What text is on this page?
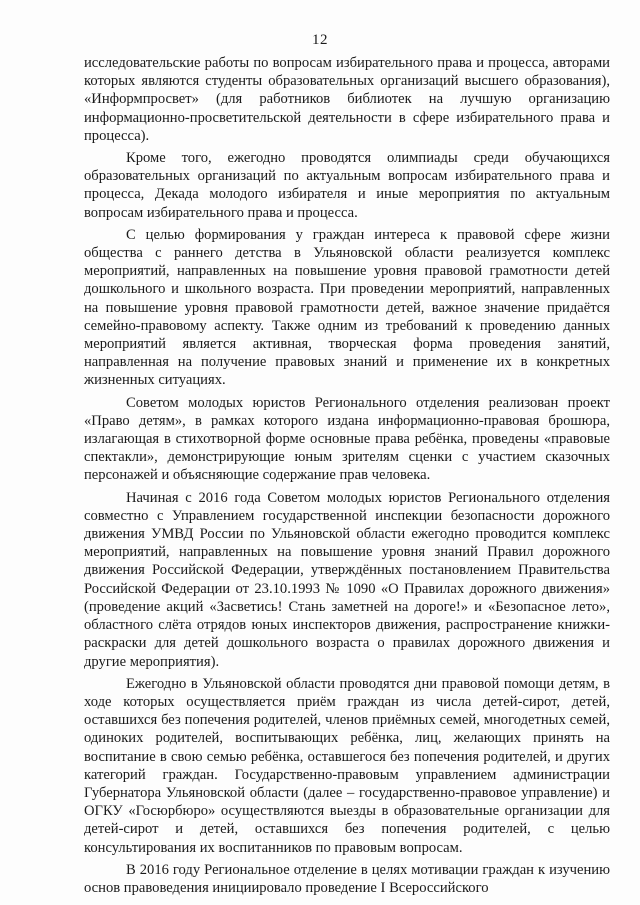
12

исследовательские работы по вопросам избирательного права и процесса, авторами которых являются студенты образовательных организаций высшего образования), «Информпросвет» (для работников библиотек на лучшую организацию информационно-просветительской деятельности в сфере избирательного права и процесса).

Кроме того, ежегодно проводятся олимпиады среди обучающихся образовательных организаций по актуальным вопросам избирательного права и процесса, Декада молодого избирателя и иные мероприятия по актуальным вопросам избирательного права и процесса.

С целью формирования у граждан интереса к правовой сфере жизни общества с раннего детства в Ульяновской области реализуется комплекс мероприятий, направленных на повышение уровня правовой грамотности детей дошкольного и школьного возраста. При проведении мероприятий, направленных на повышение уровня правовой грамотности детей, важное значение придаётся семейно-правовому аспекту. Также одним из требований к проведению данных мероприятий является активная, творческая форма проведения занятий, направленная на получение правовых знаний и применение их в конкретных жизненных ситуациях.

Советом молодых юристов Регионального отделения реализован проект «Право детям», в рамках которого издана информационно-правовая брошюра, излагающая в стихотворной форме основные права ребёнка, проведены «правовые спектакли», демонстрирующие юным зрителям сценки с участием сказочных персонажей и объясняющие содержание прав человека.

Начиная с 2016 года Советом молодых юристов Регионального отделения совместно с Управлением государственной инспекции безопасности дорожного движения УМВД России по Ульяновской области ежегодно проводится комплекс мероприятий, направленных на повышение уровня знаний Правил дорожного движения Российской Федерации, утверждённых постановлением Правительства Российской Федерации от 23.10.1993 № 1090 «О Правилах дорожного движения» (проведение акций «Засветись! Стань заметней на дороге!» и «Безопасное лето», областного слёта отрядов юных инспекторов движения, распространение книжки-раскраски для детей дошкольного возраста о правилах дорожного движения и другие мероприятия).

Ежегодно в Ульяновской области проводятся дни правовой помощи детям, в ходе которых осуществляется приём граждан из числа детей-сирот, детей, оставшихся без попечения родителей, членов приёмных семей, многодетных семей, одиноких родителей, воспитывающих ребёнка, лиц, желающих принять на воспитание в свою семью ребёнка, оставшегося без попечения родителей, и других категорий граждан. Государственно-правовым управлением администрации Губернатора Ульяновской области (далее – государственно-правовое управление) и ОГКУ «Госюрбюро» осуществляются выезды в образовательные организации для детей-сирот и детей, оставшихся без попечения родителей, с целью консультирования их воспитанников по правовым вопросам.

В 2016 году Региональное отделение в целях мотивации граждан к изучению основ правоведения инициировало проведение I Всероссийского
